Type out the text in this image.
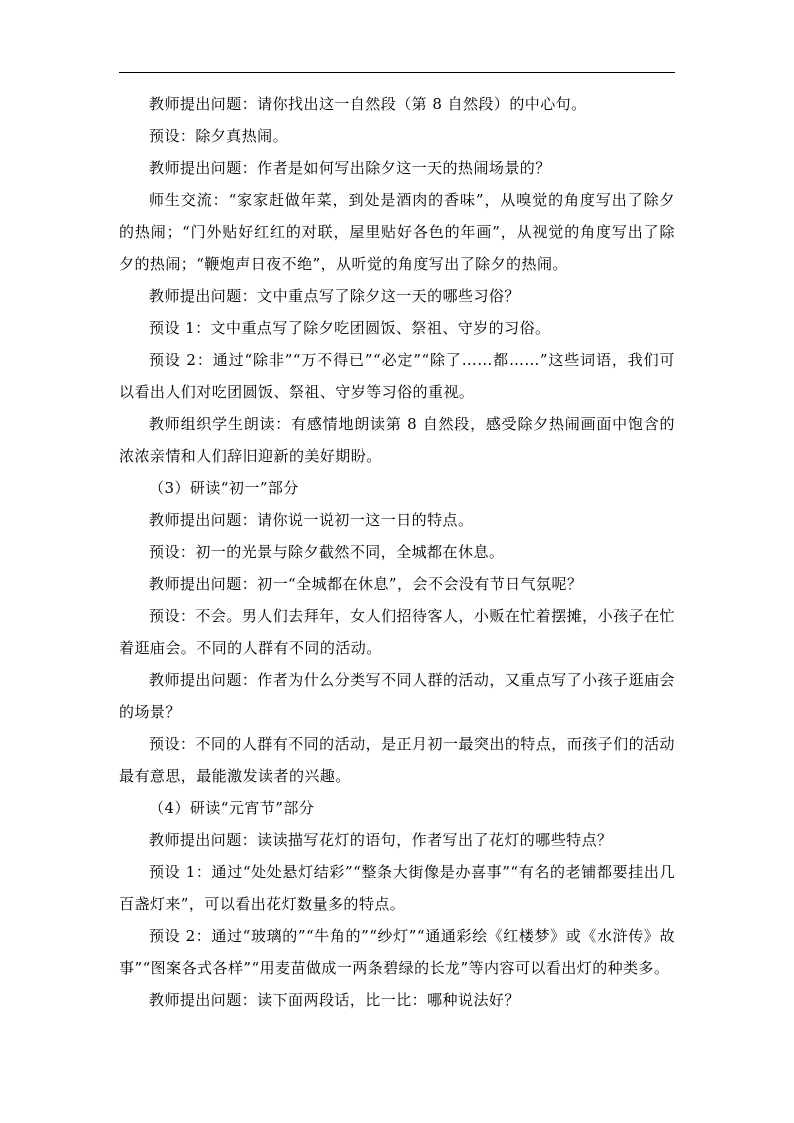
教师提出问题：请你找出这一自然段（第 8 自然段）的中心句。

预设：除夕真热闹。

教师提出问题：作者是如何写出除夕这一天的热闹场景的？

师生交流：“家家赶做年菜，到处是酒肉的香味”，从嗅觉的角度写出了除夕的热闹；“门外贴好红红的对联，屋里贴好各色的年画”，从视觉的角度写出了除夕的热闹；“鞭炮声日夜不绝”，从听觉的角度写出了除夕的热闹。

教师提出问题：文中重点写了除夕这一天的哪些习俗？

预设 1：文中重点写了除夕吃团圆饭、祭祖、守岁的习俗。

预设 2：通过“除非”“万不得已”“必定”“除了……都……”这些词语，我们可以看出人们对吃团圆饭、祭祖、守岁等习俗的重视。

教师组织学生朗读：有感情地朗读第 8 自然段，感受除夕热闹画面中饱含的浓浓亲情和人们辞旧迎新的美好期盼。

（3）研读“初一”部分

教师提出问题：请你说一说初一这一日的特点。

预设：初一的光景与除夕截然不同，全城都在休息。

教师提出问题：初一“全城都在休息”，会不会没有节日气氛呢？

预设：不会。男人们去拜年，女人们招待客人，小贩在忙着摆摊，小孩子在忙着逛庙会。不同的人群有不同的活动。

教师提出问题：作者为什么分类写不同人群的活动，又重点写了小孩子逛庙会的场景？

预设：不同的人群有不同的活动，是正月初一最突出的特点，而孩子们的活动最有意思，最能激发读者的兴趣。

（4）研读“元宵节”部分

教师提出问题：读读描写花灯的语句，作者写出了花灯的哪些特点？

预设 1：通过“处处悬灯结彩”“整条大街像是办喜事”“有名的老铺都要挂出几百盏灯来”，可以看出花灯数量多的特点。

预设 2：通过“玻璃的”“牛角的”“纱灯”“通通彩绘《红楼梦》或《水浒传》故事”“图案各式各样”“用麦苗做成一两条碧绿的长龙”等内容可以看出灯的种类多。

教师提出问题：读下面两段话，比一比：哪种说法好？
